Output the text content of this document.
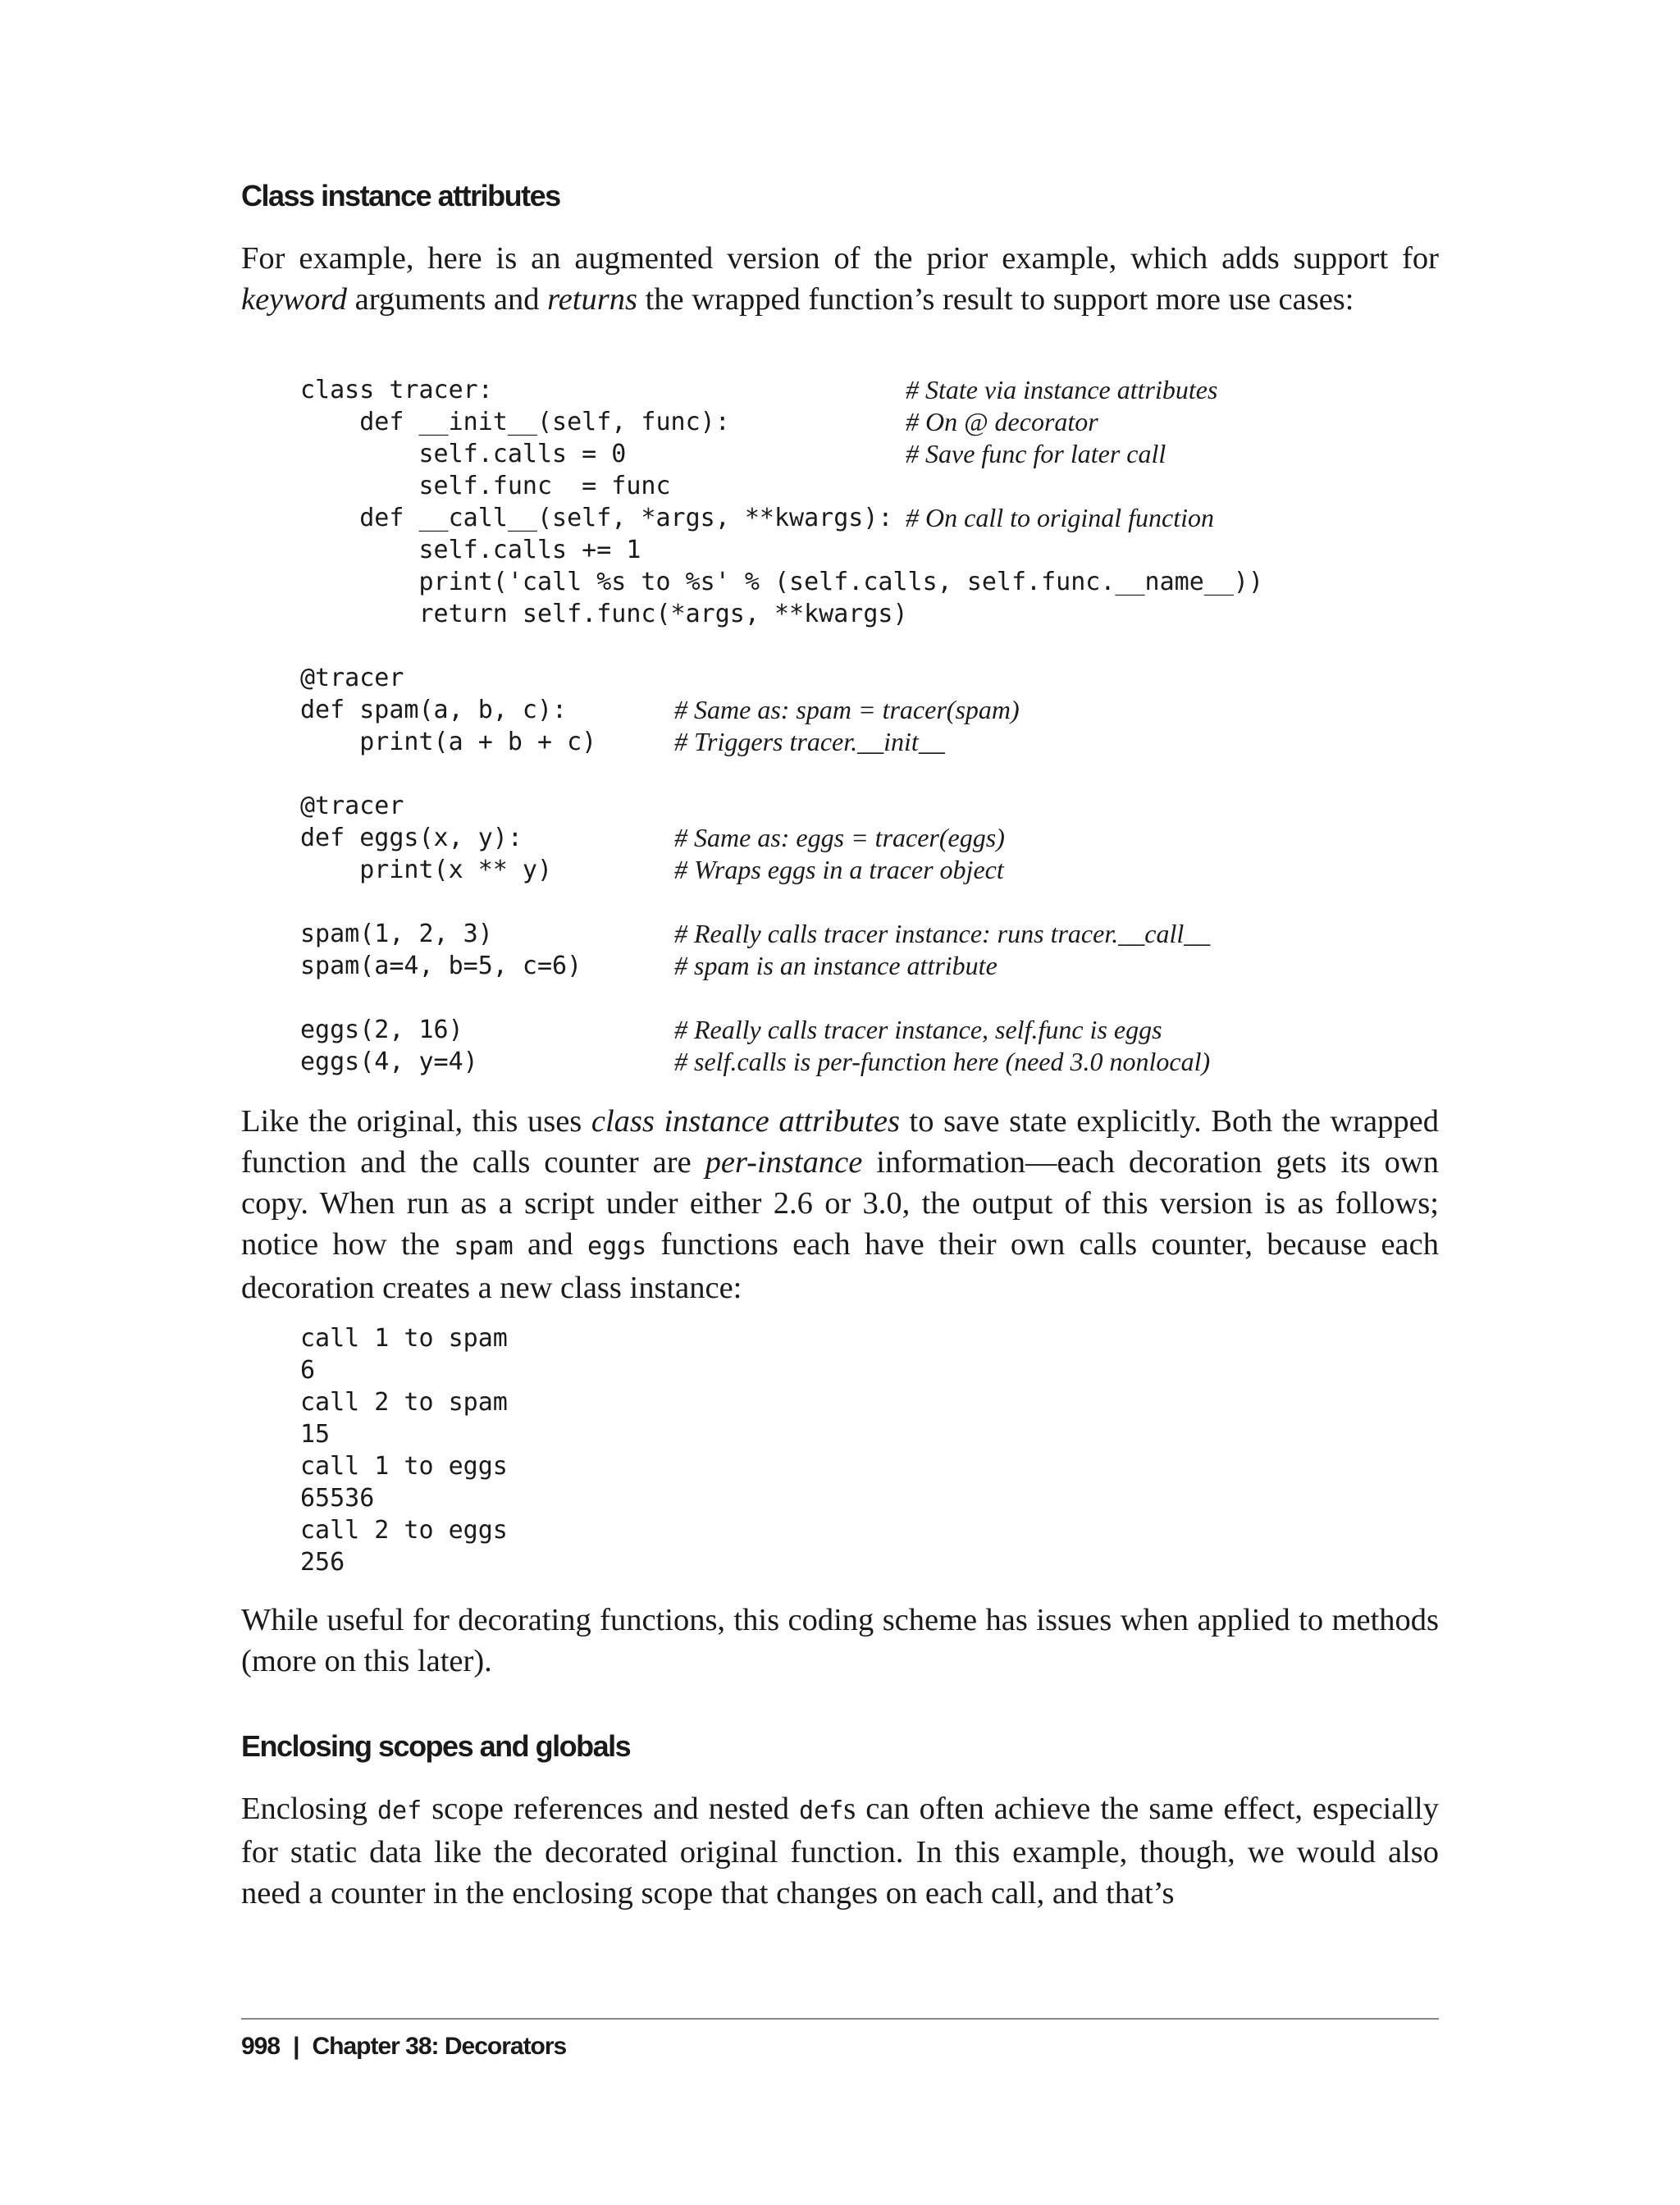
Class instance attributes

For example, here is an augmented version of the prior example, which adds support for keyword arguments and returns the wrapped function’s result to support more use cases:

class tracer:	# State via instance attributes
def __init__(self, func):	# On @ decorator
self.calls = 0	# Save func for later call
self.func  = func
def __call__(self, *args, **kwargs): # On call to original function
self.calls += 1
print('call %s to %s' % (self.calls, self.func.__name__))
return self.func(*args, **kwargs)
@tracer
def spam(a, b, c):	# Same as: spam = tracer(spam)
print(a + b + c)	# Triggers tracer.__init__
@tracer
def eggs(x, y):	# Same as: eggs = tracer(eggs)
print(x ** y)	# Wraps eggs in a tracer object
spam(1, 2, 3)	# Really calls tracer instance: runs tracer.__call__
spam(a=4, b=5, c=6)	# spam is an instance attribute
eggs(2, 16)	# Really calls tracer instance, self.func is eggs
eggs(4, y=4)	# self.calls is per-function here (need 3.0 nonlocal)

Like the original, this uses class instance attributes to save state explicitly. Both the wrapped function and the calls counter are per-instance information—each decoration gets its own copy. When run as a script under either 2.6 or 3.0, the output of this version is as follows; notice how the spam and eggs functions each have their own calls counter, because each decoration creates a new class instance:

call 1 to spam
6
call 2 to spam
15
call 1 to eggs
65536
call 2 to eggs
256

While useful for decorating functions, this coding scheme has issues when applied to methods (more on this later).

Enclosing scopes and globals

Enclosing def scope references and nested defs can often achieve the same effect, especially for static data like the decorated original function. In this example, though, we would also need a counter in the enclosing scope that changes on each call, and that’s

998 | Chapter 38: Decorators
